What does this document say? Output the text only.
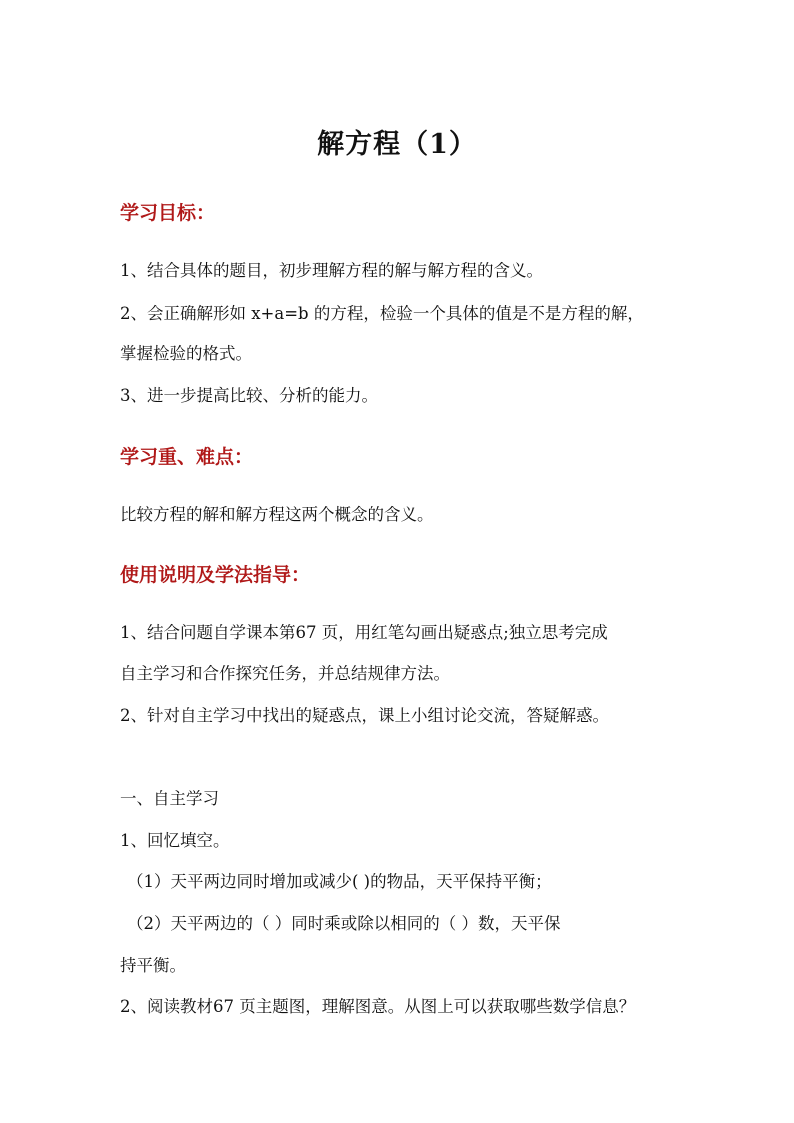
解方程（1）
学习目标：
1、结合具体的题目，初步理解方程的解与解方程的含义。
2、会正确解形如 x+a=b 的方程，检验一个具体的值是不是方程的解，
掌握检验的格式。
3、进一步提高比较、分析的能力。
学习重、难点：
比较方程的解和解方程这两个概念的含义。
使用说明及学法指导：
1、结合问题自学课本第67 页，用红笔勾画出疑惑点;独立思考完成
自主学习和合作探究任务，并总结规律方法。
2、针对自主学习中找出的疑惑点，课上小组讨论交流，答疑解惑。
一、自主学习
1、回忆填空。
（1）天平两边同时增加或减少( )的物品，天平保持平衡；
（2）天平两边的（ ）同时乘或除以相同的（ ）数，天平保
持平衡。
2、阅读教材67 页主题图，理解图意。从图上可以获取哪些数学信息？
